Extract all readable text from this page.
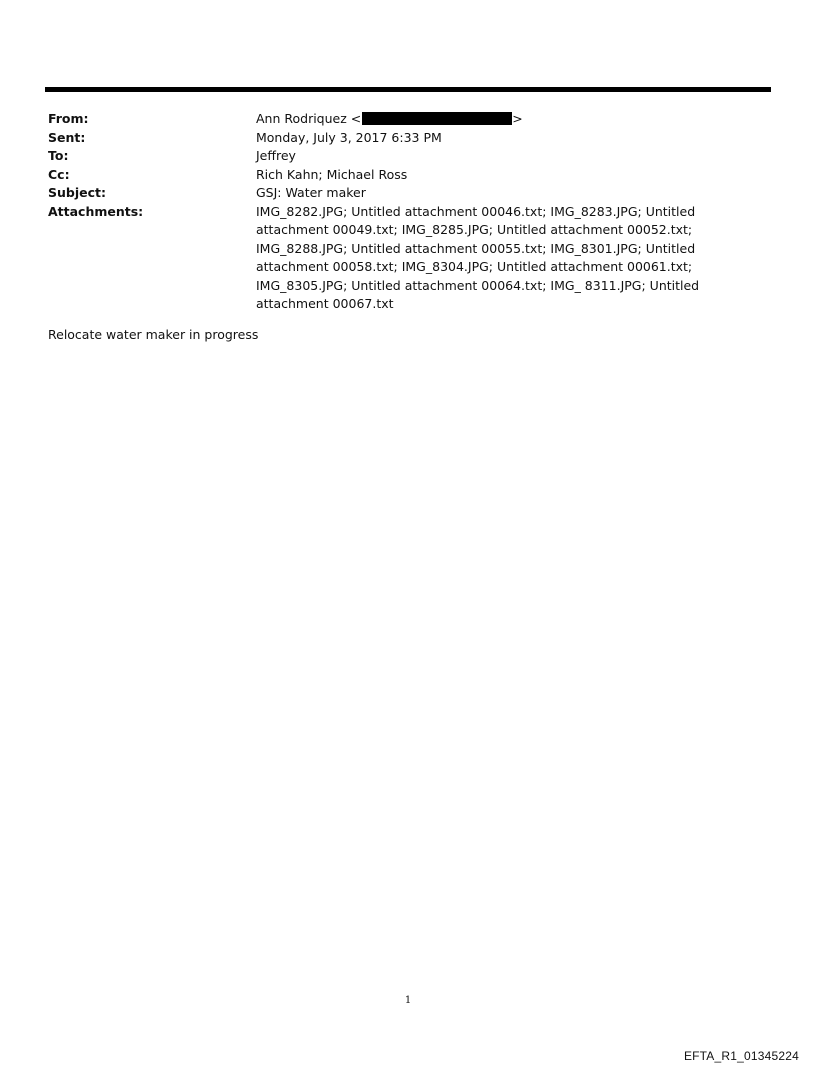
From:	Ann Rodriquez <	>
Sent:	Monday, July 3, 2017 6:33 PM
To:	Jeffrey
Cc:	Rich Kahn; Michael Ross
Subject:	GSJ: Water maker
Attachments:	IMG_8282.JPG; Untitled attachment 00046.txt; IMG_8283.JPG; Untitled attachment 00049.txt; IMG_8285.JPG; Untitled attachment 00052.txt; IMG_8288.JPG; Untitled attachment 00055.txt; IMG_8301.JPG; Untitled attachment 00058.txt; IMG_8304.JPG; Untitled attachment 00061.txt; IMG_8305.JPG; Untitled attachment 00064.txt; IMG_ 8311.JPG; Untitled attachment 00067.txt
Relocate water maker in progress
1
EFTA_R1_01345224
